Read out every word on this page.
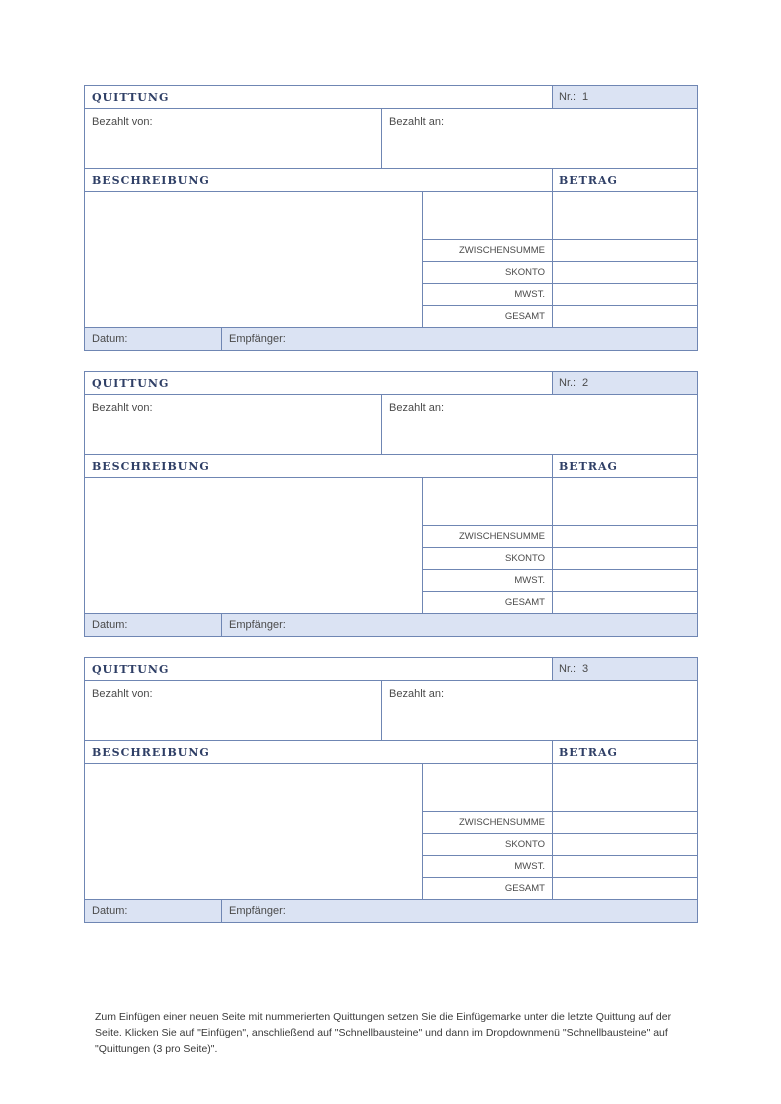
QUITTUNG	Nr.: 1
Bezahlt von:	Bezahlt an:
BESCHREIBUNG	BETRAG
ZWISCHENSUMME
SKONTO
MWST.
GESAMT
Datum:	Empfänger:
QUITTUNG	Nr.: 2
Bezahlt von:	Bezahlt an:
BESCHREIBUNG	BETRAG
ZWISCHENSUMME
SKONTO
MWST.
GESAMT
Datum:	Empfänger:
QUITTUNG	Nr.: 3
Bezahlt von:	Bezahlt an:
BESCHREIBUNG	BETRAG
ZWISCHENSUMME
SKONTO
MWST.
GESAMT
Datum:	Empfänger:
Zum Einfügen einer neuen Seite mit nummerierten Quittungen setzen Sie die Einfügemarke unter die letzte Quittung auf der Seite. Klicken Sie auf "Einfügen", anschließend auf "Schnellbausteine" und dann im Dropdownmenü "Schnellbausteine" auf "Quittungen (3 pro Seite)".
